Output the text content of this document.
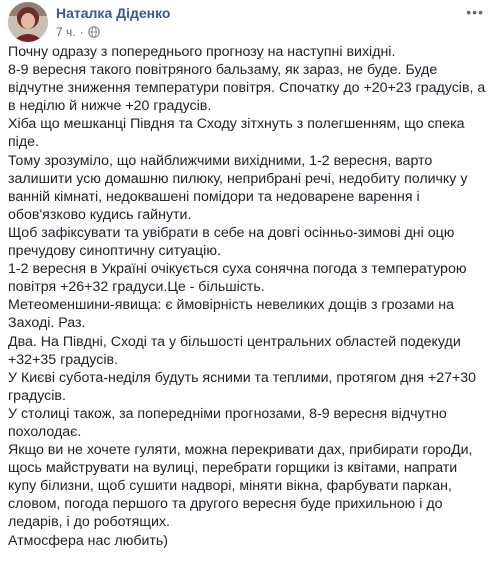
Наталка Діденко
7 ч. ·
•••
Почну одразу з попереднього прогнозу на наступні вихідні.
8-9 вересня такого повітряного бальзаму, як зараз, не буде. Буде відчутне зниження температури повітря. Спочатку до +20+23 градусів, а в неділю й нижче +20 градусів.
Хіба що мешканці Півдня та Сходу зітхнуть з полегшенням, що спека піде.
Тому зрозуміло, що найближчими вихідними, 1-2 вересня, варто залишити усю домашню пилюку, неприбрані речі, недобиту поличку у ванній кімнаті, недоквашені помідори та недоварене варення і обов'язково кудись гайнути.
Щоб зафіксувати та увібрати в себе на довгі осінньо-зимові дні оцю пречудову синоптичну ситуацію.
1-2 вересня в Україні очікується суха сонячна погода з температурою повітря +26+32 градуси.Це - більшість.
Метеоменшини-явища: є ймовірність невеликих дощів з грозами на Заході. Раз.
Два. На Півдні, Сході та у більшості центральних областей подекуди +32+35 градусів.
У Києві субота-неділя будуть ясними та теплими, протягом дня +27+30 градусів.
У столиці також, за попередніми прогнозами, 8-9 вересня відчутно похолодає.
Якщо ви не хочете гуляти, можна перекривати дах, прибирати гороДи, щось майструвати на вулиці, перебрати горщики із квітами, напрати купу білизни, щоб сушити надворі, міняти вікна, фарбувати паркан, словом, погода першого та другого вересня буде прихильною і до ледарів, і до роботящих.
Атмосфера нас любить)
